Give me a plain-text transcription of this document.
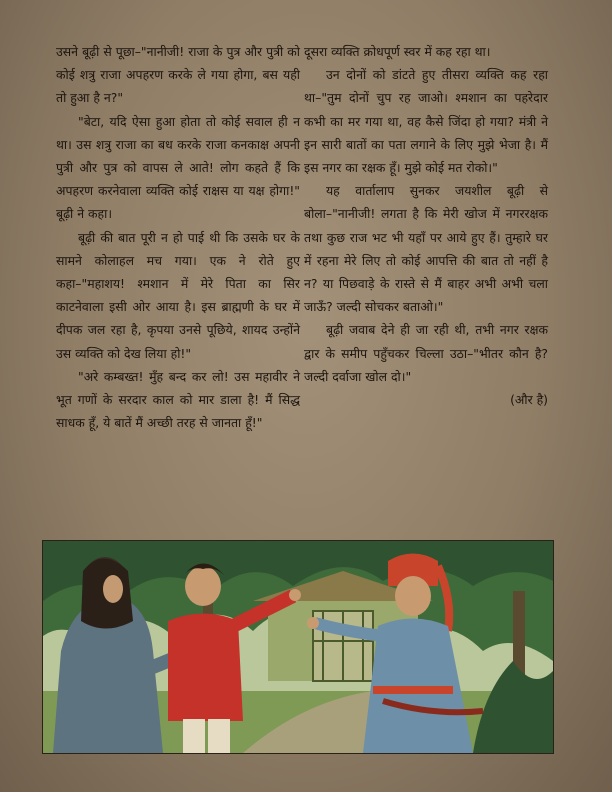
उसने बूढ़ी से पूछा–"नानीजी! राजा के पुत्र और पुत्री को कोई शत्रु राजा अपहरण करके ले गया होगा, बस यही तो हुआ है न?"

"बेटा, यदि ऐसा हुआ होता तो कोई सवाल ही न था। उस शत्रु राजा का बध करके राजा कनकाक्ष अपनी पुत्री और पुत्र को वापस ले आते! लोग कहते हैं कि अपहरण करनेवाला व्यक्ति कोई राक्षस या यक्ष होगा!" बूढ़ी ने कहा।

बूढ़ी की बात पूरी न हो पाई थी कि उसके घर के सामने कोलाहल मच गया। एक ने रोते हुए कहा–"महाशय! श्मशान में मेरे पिता का सिर काटनेवाला इसी ओर आया है। इस ब्राह्मणी के घर में दीपक जल रहा है, कृपया उनसे पूछिये, शायद उन्होंने उस व्यक्ति को देख लिया हो!"

"अरे कम्बख्त! मुँह बन्द कर लो! उस महावीर ने भूत गणों के सरदार काल को मार डाला है! मैं सिद्ध साधक हूँ, ये बातें मैं अच्छी तरह से जानता हूँ!"

दूसरा व्यक्ति क्रोधपूर्ण स्वर में कह रहा था।

उन दोनों को डांटते हुए तीसरा व्यक्ति कह रहा था–"तुम दोनों चुप रह जाओ। श्मशान का पहरेदार कभी का मर गया था, वह कैसे जिंदा हो गया? मंत्री ने इन सारी बातों का पता लगाने के लिए मुझे भेजा है। मैं इस नगर का रक्षक हूँ। मुझे कोई मत रोको।"

यह वार्तालाप सुनकर जयशील बूढ़ी से बोला–"नानीजी! लगता है कि मेरी खोज में नगररक्षक तथा कुछ राज भट भी यहाँ पर आये हुए हैं। तुम्हारे घर में रहना मेरे लिए तो कोई आपत्ति की बात तो नहीं है न? या पिछवाड़े के रास्ते से मैं बाहर अभी अभी चला जाऊँ? जल्दी सोचकर बताओ।"

बूढ़ी जवाब देने ही जा रही थी, तभी नगर रक्षक द्वार के समीप पहुँचकर चिल्ला उठा–"भीतर कौन है? जल्दी दर्वाजा खोल दो।"

(और है)
